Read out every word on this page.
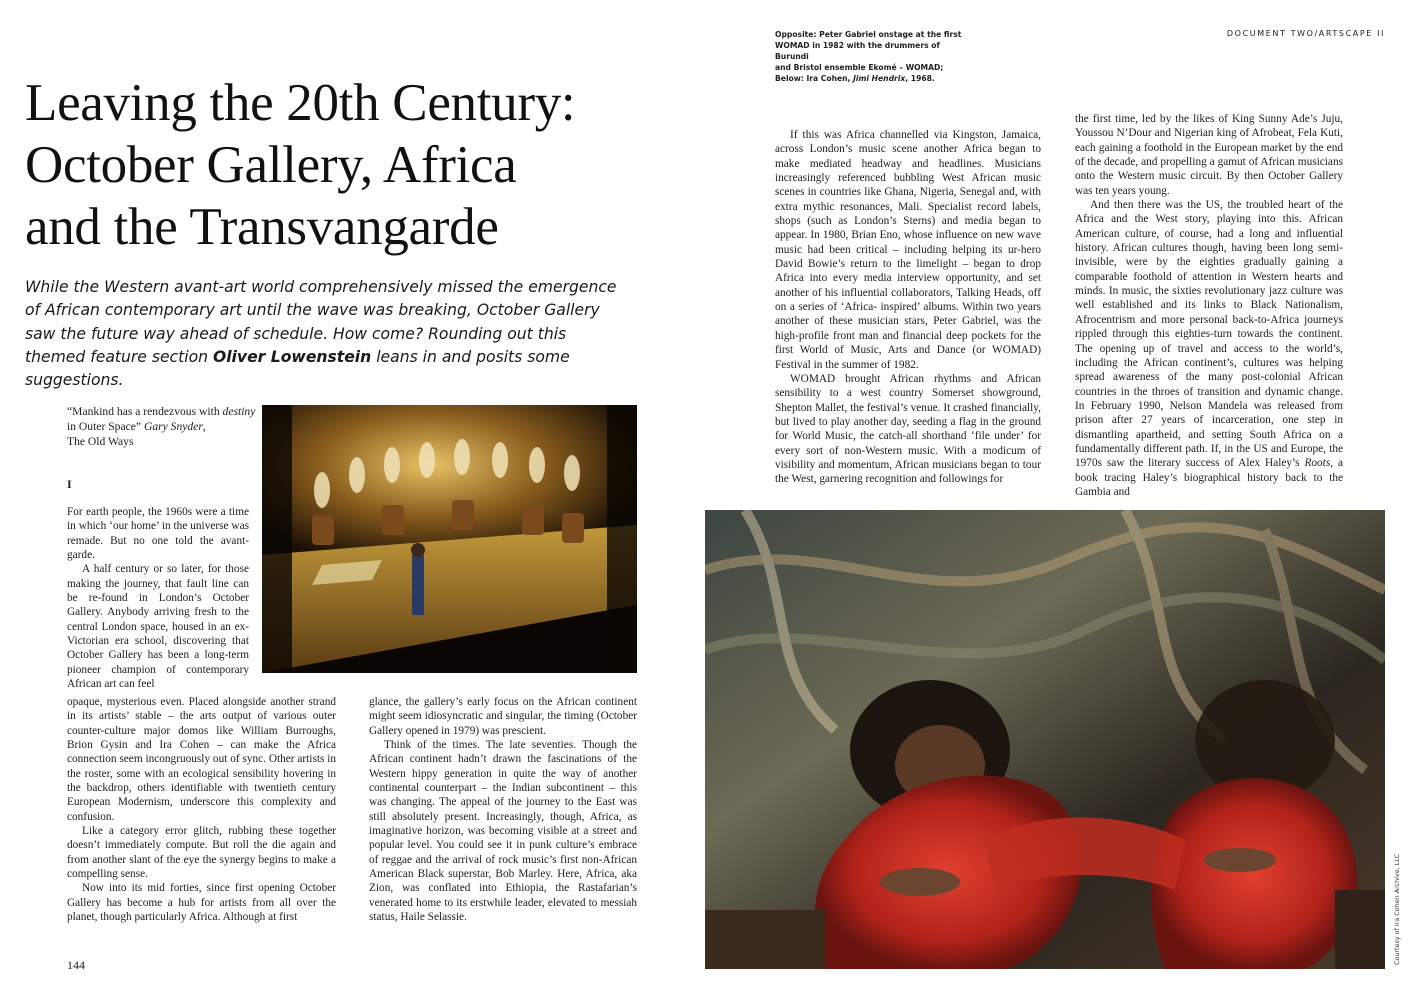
Leaving the 20th Century:
October Gallery, Africa
and the Transvangarde

While the Western avant-art world comprehensively missed the emergence of African contemporary art until the wave was breaking, October Gallery saw the future way ahead of schedule. How come? Rounding out this themed feature section Oliver Lowenstein leans in and posits some suggestions.

“Mankind has a rendezvous with destiny in Outer Space” Gary Snyder,
The Old Ways

I

For earth people, the 1960s were a time in which ‘our home’ in the universe was remade. But no one told the avant-garde.

A half century or so later, for those making the journey, that fault line can be re-found in London’s October Gallery. Anybody arriving fresh to the central London space, housed in an ex-Victorian era school, discovering that October Gallery has been a long-term pioneer champion of contemporary African art can feel

opaque, mysterious even. Placed alongside another strand in its artists’ stable – the arts output of various outer counter-culture major domos like William Burroughs, Brion Gysin and Ira Cohen – can make the Africa connection seem incongruously out of sync. Other artists in the roster, some with an ecological sensibility hovering in the backdrop, others identifiable with twentieth century European Modernism, underscore this complexity and confusion.

Like a category error glitch, rubbing these together doesn’t immediately compute. But roll the die again and from another slant of the eye the synergy begins to make a compelling sense.

Now into its mid forties, since first opening October Gallery has become a hub for artists from all over the planet, though particularly Africa. Although at first

glance, the gallery’s early focus on the African continent might seem idiosyncratic and singular, the timing (October Gallery opened in 1979) was prescient.

Think of the times. The late seventies. Though the African continent hadn’t drawn the fascinations of the Western hippy generation in quite the way of another continental counterpart – the Indian subcontinent – this was changing. The appeal of the journey to the East was still absolutely present. Increasingly, though, Africa, as imaginative horizon, was becoming visible at a street and popular level. You could see it in punk culture’s embrace of reggae and the arrival of rock music’s first non-African American Black superstar, Bob Marley. Here, Africa, aka Zion, was conflated into Ethiopia, the Rastafarian’s venerated home to its erstwhile leader, elevated to messiah status, Haile Selassie.

144

Opposite: Peter Gabriel onstage at the first
WOMAD in 1982 with the drummers of Burundi
and Bristol ensemble Ekomé – WOMAD;
Below: Ira Cohen, Jimi Hendrix, 1968.

DOCUMENT TWO/ARTSCAPE II

If this was Africa channelled via Kingston, Jamaica, across London’s music scene another Africa began to make mediated headway and headlines. Musicians increasingly referenced bubbling West African music scenes in countries like Ghana, Nigeria, Senegal and, with extra mythic resonances, Mali. Specialist record labels, shops (such as London’s Sterns) and media began to appear. In 1980, Brian Eno, whose influence on new wave music had been critical – including helping its ur-hero David Bowie’s return to the limelight – began to drop Africa into every media interview opportunity, and set another of his influential collaborators, Talking Heads, off on a series of ‘Africa- inspired’ albums. Within two years another of these musician stars, Peter Gabriel, was the high-profile front man and financial deep pockets for the first World of Music, Arts and Dance (or WOMAD) Festival in the summer of 1982.

WOMAD brought African rhythms and African sensibility to a west country Somerset showground, Shepton Mallet, the festival’s venue. It crashed financially, but lived to play another day, seeding a flag in the ground for World Music, the catch-all shorthand ‘file under’ for every sort of non-Western music. With a modicum of visibility and momentum, African musicians began to tour the West, garnering recognition and followings for

the first time, led by the likes of King Sunny Ade’s Juju, Youssou N’Dour and Nigerian king of Afrobeat, Fela Kuti, each gaining a foothold in the European market by the end of the decade, and propelling a gamut of African musicians onto the Western music circuit. By then October Gallery was ten years young.

And then there was the US, the troubled heart of the Africa and the West story, playing into this. African American culture, of course, had a long and influential history. African cultures though, having been long semi-invisible, were by the eighties gradually gaining a comparable foothold of attention in Western hearts and minds. In music, the sixties revolutionary jazz culture was well established and its links to Black Nationalism, Afrocentrism and more personal back-to-Africa journeys rippled through this eighties-turn towards the continent. The opening up of travel and access to the world’s, including the African continent’s, cultures was helping spread awareness of the many post-colonial African countries in the throes of transition and dynamic change. In February 1990, Nelson Mandela was released from prison after 27 years of incarceration, one step in dismantling apartheid, and setting South Africa on a fundamentally different path. If, in the US and Europe, the 1970s saw the literary success of Alex Haley’s Roots, a book tracing Haley’s biographical history back to the Gambia and

Courtesy of Ira Cohen Archive, LLC
